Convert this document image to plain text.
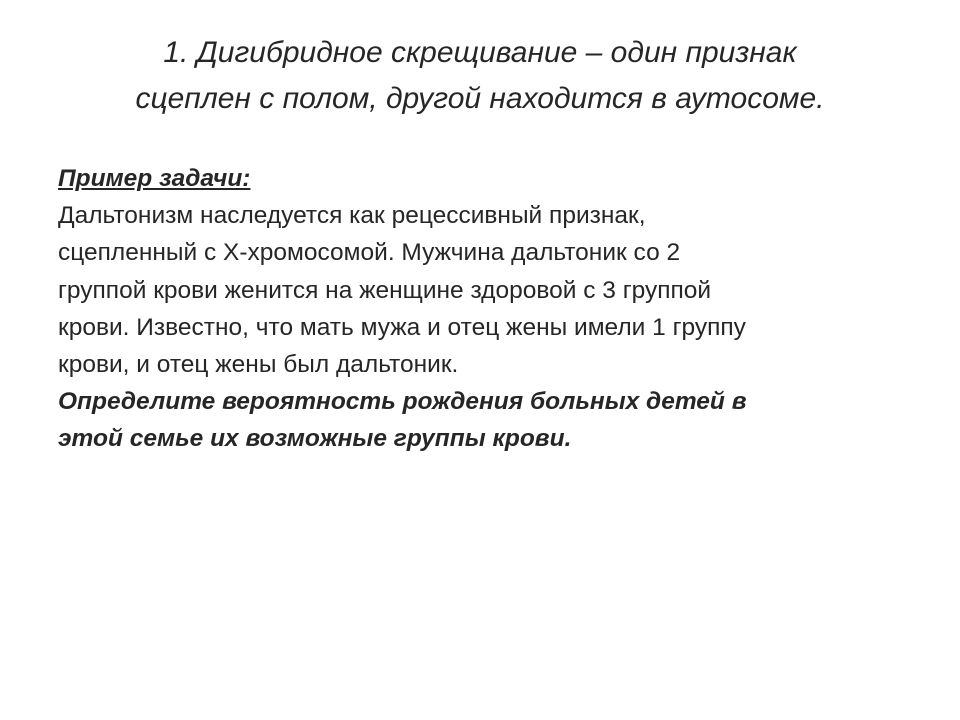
1. Дигибридное скрещивание – один признак
сцеплен с полом, другой находится в аутосоме.
Пример задачи:
Дальтонизм наследуется как рецессивный признак,
сцепленный с Х-хромосомой. Мужчина дальтоник со 2
группой крови женится на женщине здоровой с 3 группой
крови. Известно, что мать мужа и отец жены имели 1 группу
крови, и отец жены был дальтоник.
Определите вероятность рождения больных детей в
этой семье их возможные группы крови.
